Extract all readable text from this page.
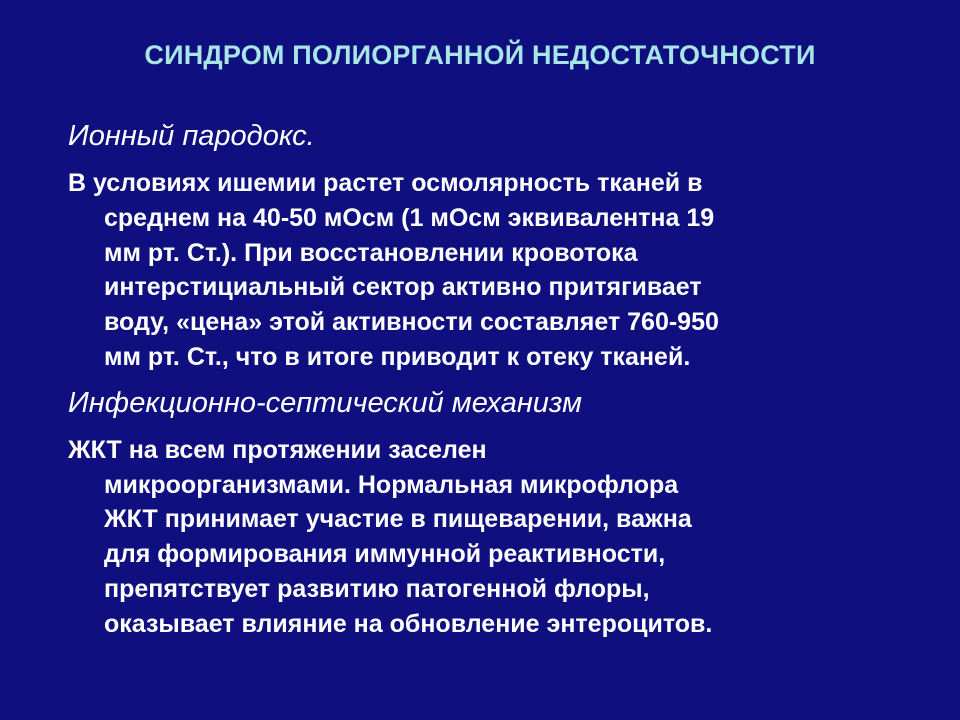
СИНДРОМ ПОЛИОРГАННОЙ НЕДОСТАТОЧНОСТИ
Ионный пародокс.

В условиях ишемии растет осмолярность тканей в
среднем на 40-50 мОсм (1 мОсм эквивалентна 19
мм рт. Ст.). При восстановлении кровотока
интерстициальный сектор активно притягивает
воду, «цена» этой активности составляет 760-950
мм рт. Ст., что в итоге приводит к отеку тканей.

Инфекционно-септический механизм

ЖКТ на всем протяжении заселен
микроорганизмами. Нормальная микрофлора
ЖКТ принимает участие в пищеварении, важна
для формирования иммунной реактивности,
препятствует развитию патогенной флоры,
оказывает влияние на обновление энтероцитов.
